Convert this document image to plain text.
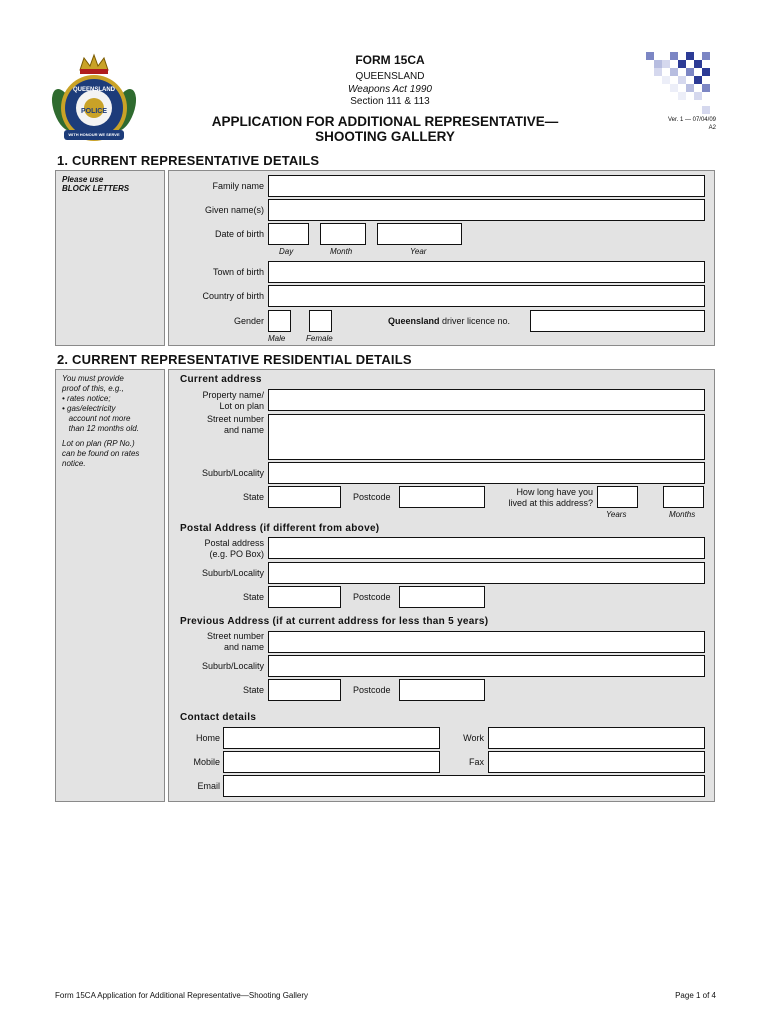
QUEENSLAND
POLICE
WITH HONOUR WE SERVE
FORM 15CA
QUEENSLAND
Weapons Act 1990
Section 111 & 113
APPLICATION FOR ADDITIONAL REPRESENTATIVE—
SHOOTING GALLERY
Ver. 1 — 07/04/09
A2
1. CURRENT REPRESENTATIVE DETAILS
Please use
BLOCK LETTERS	Family name
Given name(s)
Date of birth
Day	Month	Year
Town of birth
Country of birth
Gender
Male	Female
Queensland driver licence no.
2. CURRENT REPRESENTATIVE RESIDENTIAL DETAILS
You must provide
proof of this, e.g.,
• rates notice;
• gas/electricity
account not more
than 12 months old.
Lot on plan (RP No.)
can be found on rates
notice.
Current address
Property name/
Lot on plan
Street number
and name
Suburb/Locality
State	Postcode	How long have you
lived at this address?
Years	Months
Postal Address (if different from above)
Postal address
(e.g. PO Box)
Suburb/Locality
State	Postcode
Previous Address (if at current address for less than 5 years)
Street number
and name
Suburb/Locality
State	Postcode
Contact details
Home	Work
Mobile	Fax
Email
Form 15CA Application for Additional Representative—Shooting Gallery	Page 1 of 4
